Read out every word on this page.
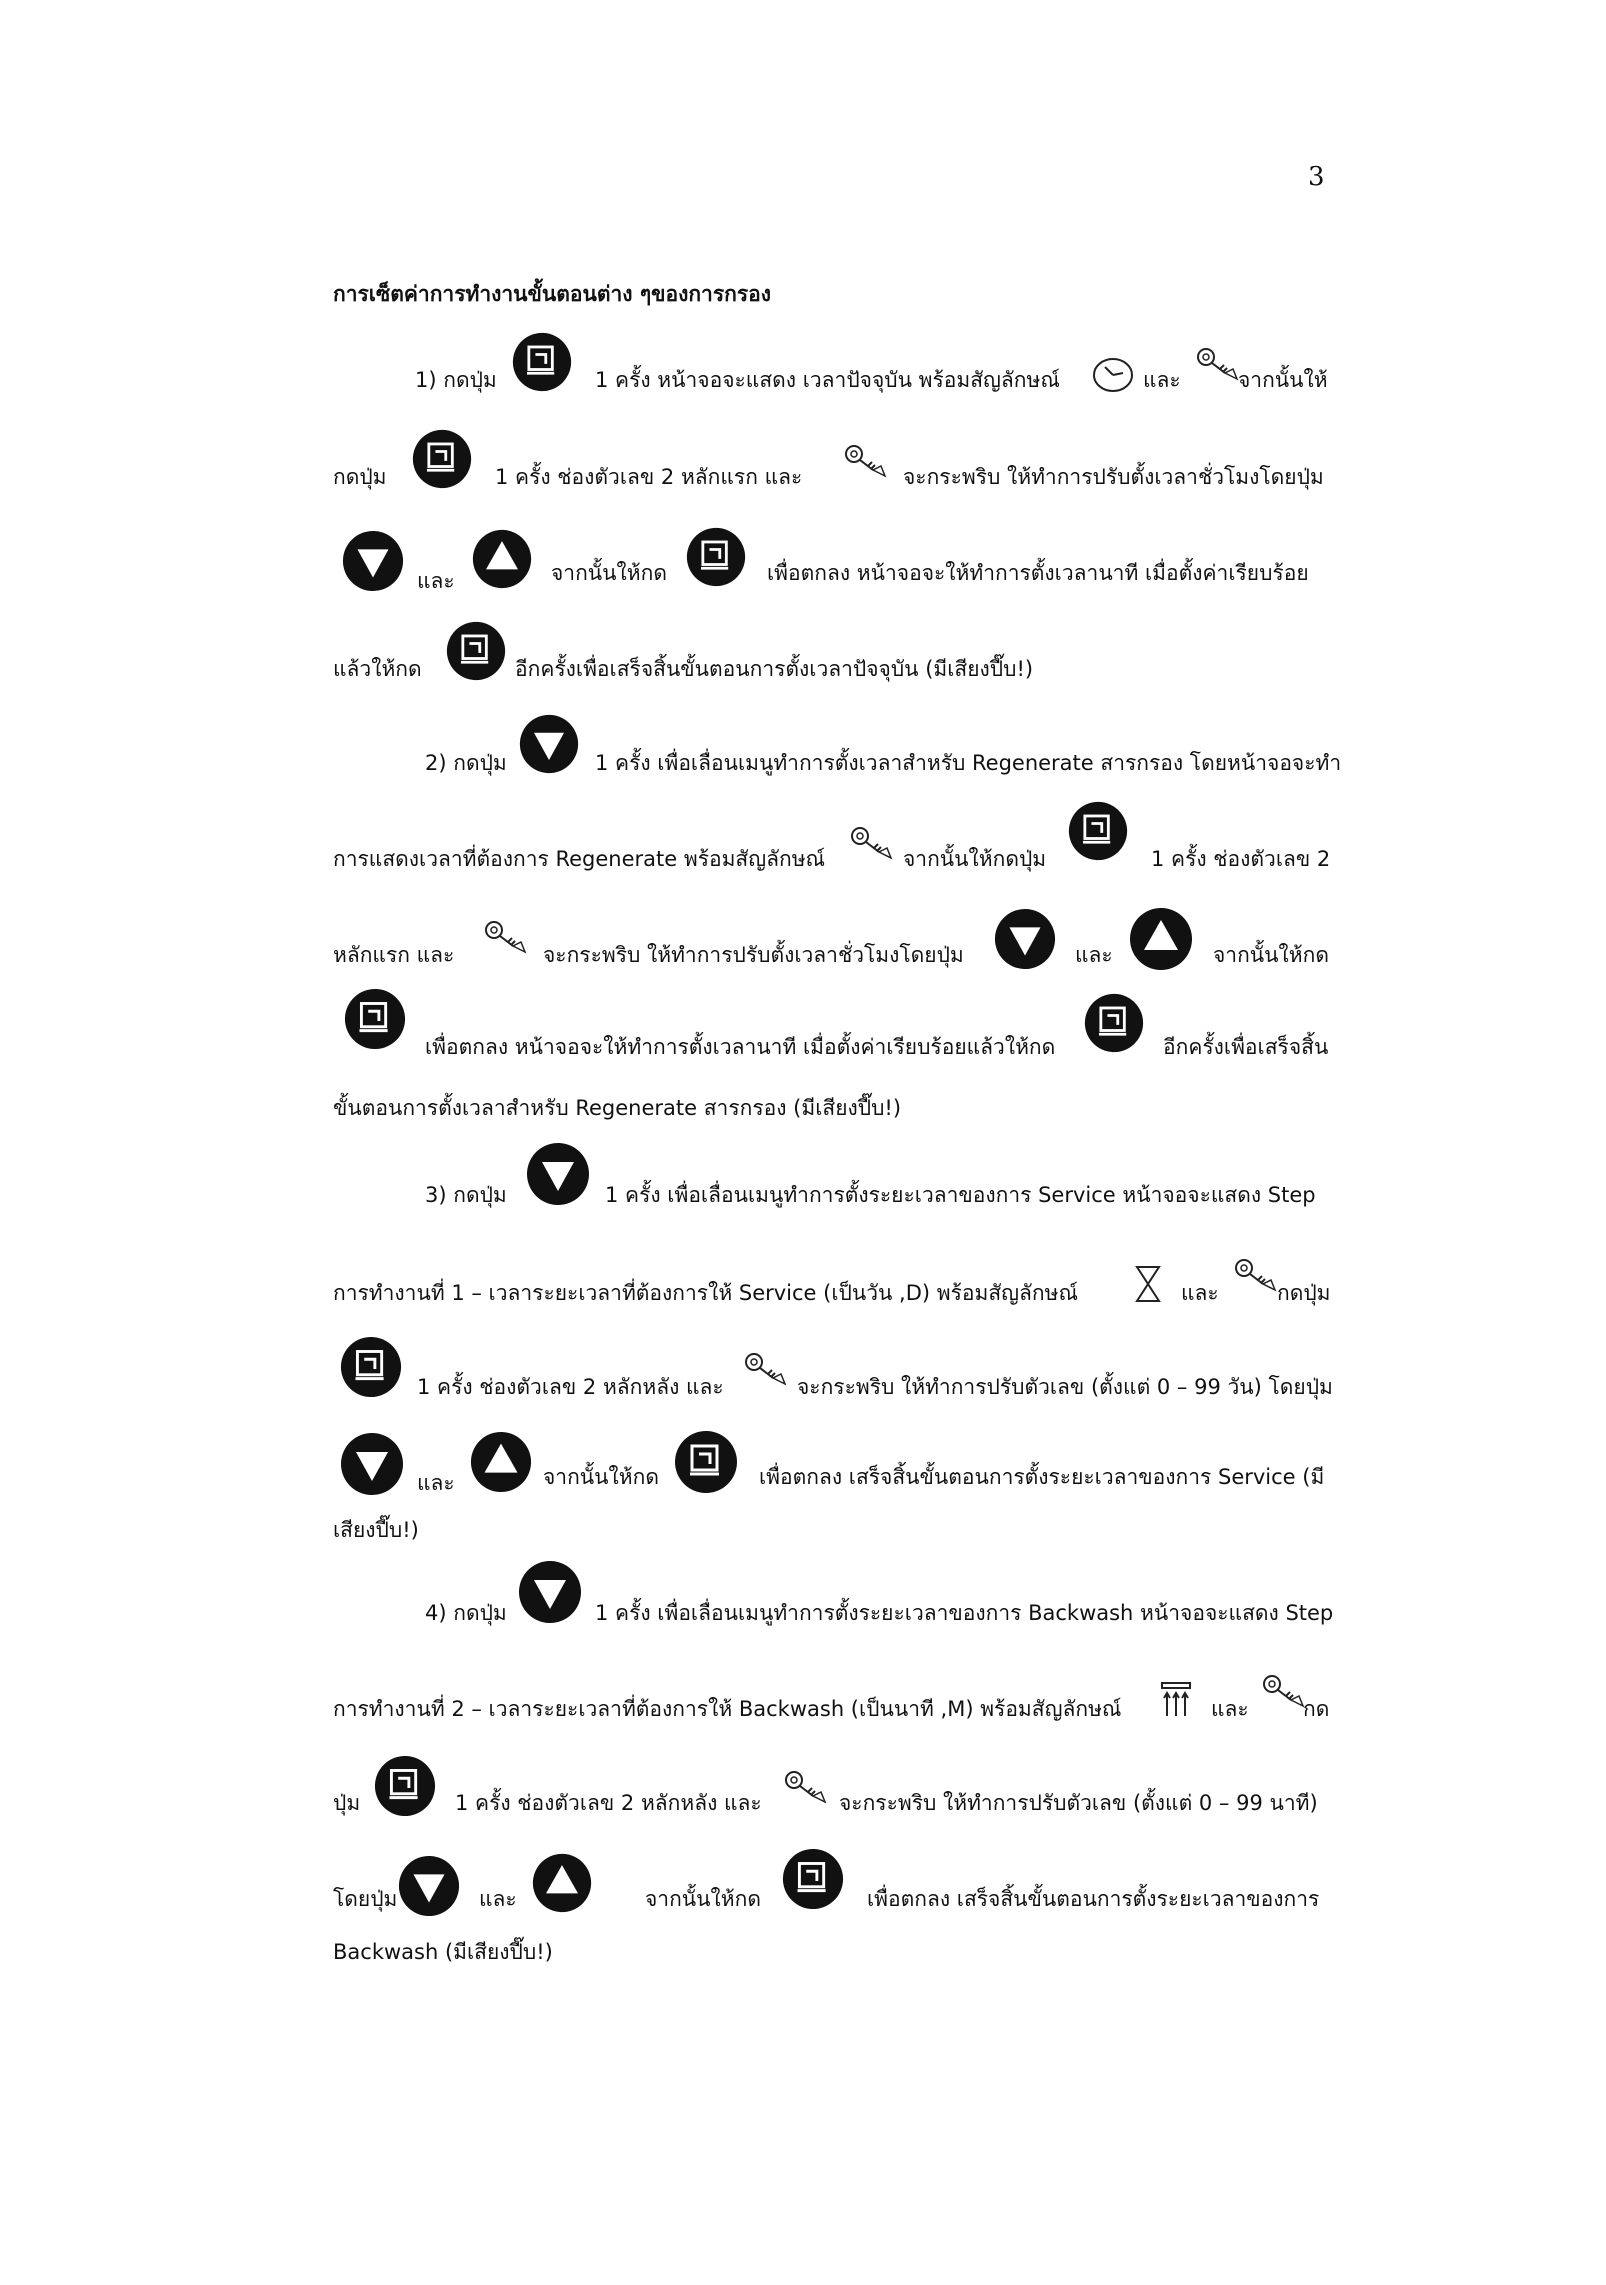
3
การเซ็ตค่าการทำงานขั้นตอนต่าง ๆของการกรอง
1) กดปุ่ม	1 ครั้ง หน้าจอจะแสดง เวลาปัจจุบัน พร้อมสัญลักษณ์	และ	จากนั้นให้
กดปุ่ม	1 ครั้ง ช่องตัวเลข 2 หลักแรก และ	จะกระพริบ ให้ทำการปรับตั้งเวลาชั่วโมงโดยปุ่ม
และ	จากนั้นให้กด	เพื่อตกลง หน้าจอจะให้ทำการตั้งเวลานาที เมื่อตั้งค่าเรียบร้อย
แล้วให้กด	อีกครั้งเพื่อเสร็จสิ้นขั้นตอนการตั้งเวลาปัจจุบัน (มีเสียงปี๊บ!)
2) กดปุ่ม	1 ครั้ง เพื่อเลื่อนเมนูทำการตั้งเวลาสำหรับ Regenerate สารกรอง โดยหน้าจอจะทำ
การแสดงเวลาที่ต้องการ Regenerate พร้อมสัญลักษณ์	จากนั้นให้กดปุ่ม	1 ครั้ง ช่องตัวเลข 2
หลักแรก และ	จะกระพริบ ให้ทำการปรับตั้งเวลาชั่วโมงโดยปุ่ม	และ	จากนั้นให้กด
เพื่อตกลง หน้าจอจะให้ทำการตั้งเวลานาที เมื่อตั้งค่าเรียบร้อยแล้วให้กด	อีกครั้งเพื่อเสร็จสิ้น
ขั้นตอนการตั้งเวลาสำหรับ Regenerate สารกรอง (มีเสียงปี๊บ!)
3) กดปุ่ม	1 ครั้ง เพื่อเลื่อนเมนูทำการตั้งระยะเวลาของการ Service หน้าจอจะแสดง Step
การทำงานที่ 1 – เวลาระยะเวลาที่ต้องการให้ Service (เป็นวัน ,D) พร้อมสัญลักษณ์	และ	กดปุ่ม
1 ครั้ง ช่องตัวเลข 2 หลักหลัง และ	จะกระพริบ ให้ทำการปรับตัวเลข (ตั้งแต่ 0 – 99 วัน) โดยปุ่ม
และ	จากนั้นให้กด	เพื่อตกลง เสร็จสิ้นขั้นตอนการตั้งระยะเวลาของการ Service (มี
เสียงปี๊บ!)
4) กดปุ่ม	1 ครั้ง เพื่อเลื่อนเมนูทำการตั้งระยะเวลาของการ Backwash หน้าจอจะแสดง Step
การทำงานที่ 2 – เวลาระยะเวลาที่ต้องการให้ Backwash (เป็นนาที ,M) พร้อมสัญลักษณ์	และ	กด
ปุ่ม	1 ครั้ง ช่องตัวเลข 2 หลักหลัง และ	จะกระพริบ ให้ทำการปรับตัวเลข (ตั้งแต่ 0 – 99 นาที)
โดยปุ่ม	และ	จากนั้นให้กด	เพื่อตกลง เสร็จสิ้นขั้นตอนการตั้งระยะเวลาของการ
Backwash (มีเสียงปี๊บ!)
